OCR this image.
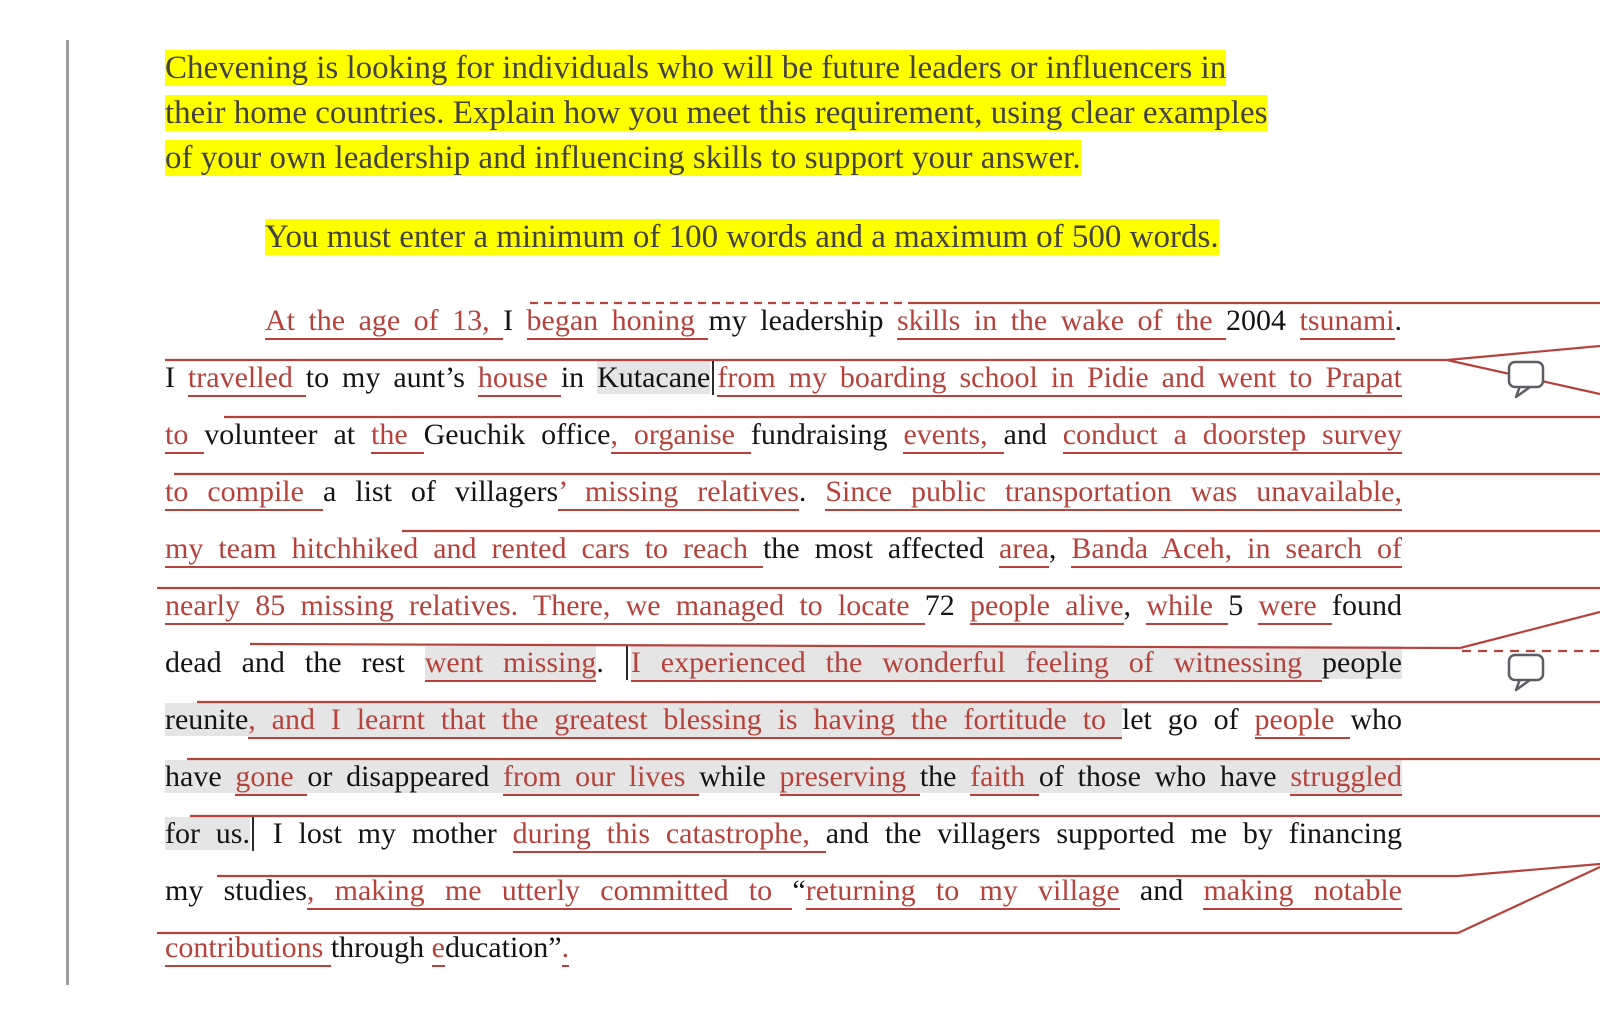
Chevening is looking for individuals who will be future leaders or influencers in
their home countries. Explain how you meet this requirement, using clear examples
of your own leadership and influencing skills to support your answer.
You must enter a minimum of 100 words and a maximum of 500 words.
At the age of 13, I began honing my leadership skills in the wake of the 2004 tsunami.
I travelled to my aunt’s house in Kutacane from my boarding school in Pidie and went to Prapat
to volunteer at the Geuchik office, organise fundraising events, and conduct a doorstep survey
to compile a list of villagers’ missing relatives. Since public transportation was unavailable,
my team hitchhiked and rented cars to reach the most affected area, Banda Aceh, in search of
nearly 85 missing relatives. There, we managed to locate 72 people alive, while 5 were found
dead and the rest went missing. I experienced the wonderful feeling of witnessing people
reunite, and I learnt that the greatest blessing is having the fortitude to let go of people who
have gone or disappeared from our lives while preserving the faith of those who have struggled
for us. I lost my mother during this catastrophe, and the villagers supported me by financing
my studies, making me utterly committed to “returning to my village and making notable
contributions through education”.
